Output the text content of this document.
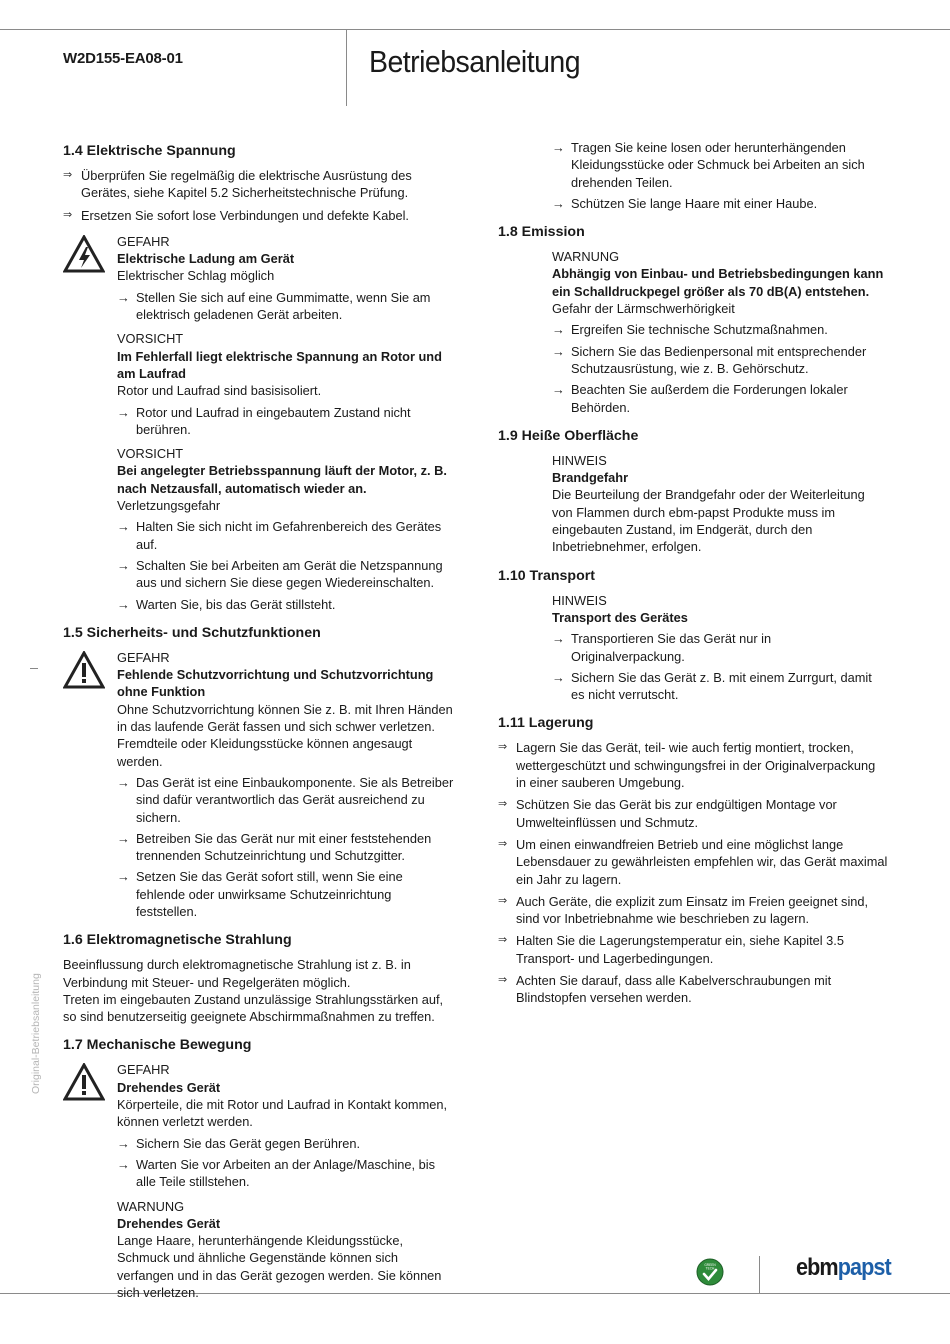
W2D155-EA08-01	Betriebsanleitung
Original-Betriebsanleitung
1.4 Elektrische Spannung
⇒ Überprüfen Sie regelmäßig die elektrische Ausrüstung des Gerätes, siehe Kapitel 5.2 Sicherheitstechnische Prüfung.
⇒ Ersetzen Sie sofort lose Verbindungen und defekte Kabel.
GEFAHR
Elektrische Ladung am Gerät
Elektrischer Schlag möglich
→ Stellen Sie sich auf eine Gummimatte, wenn Sie am elektrisch geladenen Gerät arbeiten.
VORSICHT
Im Fehlerfall liegt elektrische Spannung an Rotor und am Laufrad
Rotor und Laufrad sind basisisoliert.
→ Rotor und Laufrad in eingebautem Zustand nicht berühren.
VORSICHT
Bei angelegter Betriebsspannung läuft der Motor, z. B. nach Netzausfall, automatisch wieder an.
Verletzungsgefahr
→ Halten Sie sich nicht im Gefahrenbereich des Gerätes auf.
→ Schalten Sie bei Arbeiten am Gerät die Netzspannung aus und sichern Sie diese gegen Wiedereinschalten.
→ Warten Sie, bis das Gerät stillsteht.
1.5 Sicherheits- und Schutzfunktionen
GEFAHR
Fehlende Schutzvorrichtung und Schutzvorrichtung ohne Funktion
Ohne Schutzvorrichtung können Sie z. B. mit Ihren Händen in das laufende Gerät fassen und sich schwer verletzen. Fremdteile oder Kleidungsstücke können angesaugt werden.
→ Das Gerät ist eine Einbaukomponente. Sie als Betreiber sind dafür verantwortlich das Gerät ausreichend zu sichern.
→ Betreiben Sie das Gerät nur mit einer feststehenden trennenden Schutzeinrichtung und Schutzgitter.
→ Setzen Sie das Gerät sofort still, wenn Sie eine fehlende oder unwirksame Schutzeinrichtung feststellen.
1.6 Elektromagnetische Strahlung
Beeinflussung durch elektromagnetische Strahlung ist z. B. in Verbindung mit Steuer- und Regelgeräten möglich.
Treten im eingebauten Zustand unzulässige Strahlungsstärken auf, so sind benutzerseitig geeignete Abschirmmaßnahmen zu treffen.
1.7 Mechanische Bewegung
GEFAHR
Drehendes Gerät
Körperteile, die mit Rotor und Laufrad in Kontakt kommen, können verletzt werden.
→ Sichern Sie das Gerät gegen Berühren.
→ Warten Sie vor Arbeiten an der Anlage/Maschine, bis alle Teile stillstehen.
WARNUNG
Drehendes Gerät
Lange Haare, herunterhängende Kleidungsstücke, Schmuck und ähnliche Gegenstände können sich verfangen und in das Gerät gezogen werden. Sie können sich verletzen.
→ Tragen Sie keine losen oder herunterhängenden Kleidungsstücke oder Schmuck bei Arbeiten an sich drehenden Teilen.
→ Schützen Sie lange Haare mit einer Haube.
1.8 Emission
WARNUNG
Abhängig von Einbau- und Betriebsbedingungen kann ein Schalldruckpegel größer als 70 dB(A) entstehen.
Gefahr der Lärmschwerhörigkeit
→ Ergreifen Sie technische Schutzmaßnahmen.
→ Sichern Sie das Bedienpersonal mit entsprechender Schutzausrüstung, wie z. B. Gehörschutz.
→ Beachten Sie außerdem die Forderungen lokaler Behörden.
1.9 Heiße Oberfläche
HINWEIS
Brandgefahr
Die Beurteilung der Brandgefahr oder der Weiterleitung von Flammen durch ebm-papst Produkte muss im eingebauten Zustand, im Endgerät, durch den Inbetriebnehmer, erfolgen.
1.10 Transport
HINWEIS
Transport des Gerätes
→ Transportieren Sie das Gerät nur in Originalverpackung.
→ Sichern Sie das Gerät z. B. mit einem Zurrgurt, damit es nicht verrutscht.
1.11 Lagerung
⇒ Lagern Sie das Gerät, teil- wie auch fertig montiert, trocken, wettergeschützt und schwingungsfrei in der Originalverpackung in einer sauberen Umgebung.
⇒ Schützen Sie das Gerät bis zur endgültigen Montage vor Umwelteinflüssen und Schmutz.
⇒ Um einen einwandfreien Betrieb und eine möglichst lange Lebensdauer zu gewährleisten empfehlen wir, das Gerät maximal ein Jahr zu lagern.
⇒ Auch Geräte, die explizit zum Einsatz im Freien geeignet sind, sind vor Inbetriebnahme wie beschrieben zu lagern.
⇒ Halten Sie die Lagerungstemperatur ein, siehe Kapitel 3.5 Transport- und Lagerbedingungen.
⇒ Achten Sie darauf, dass alle Kabelverschraubungen mit Blindstopfen versehen werden.
GREEN
TECH	ebmpapst
